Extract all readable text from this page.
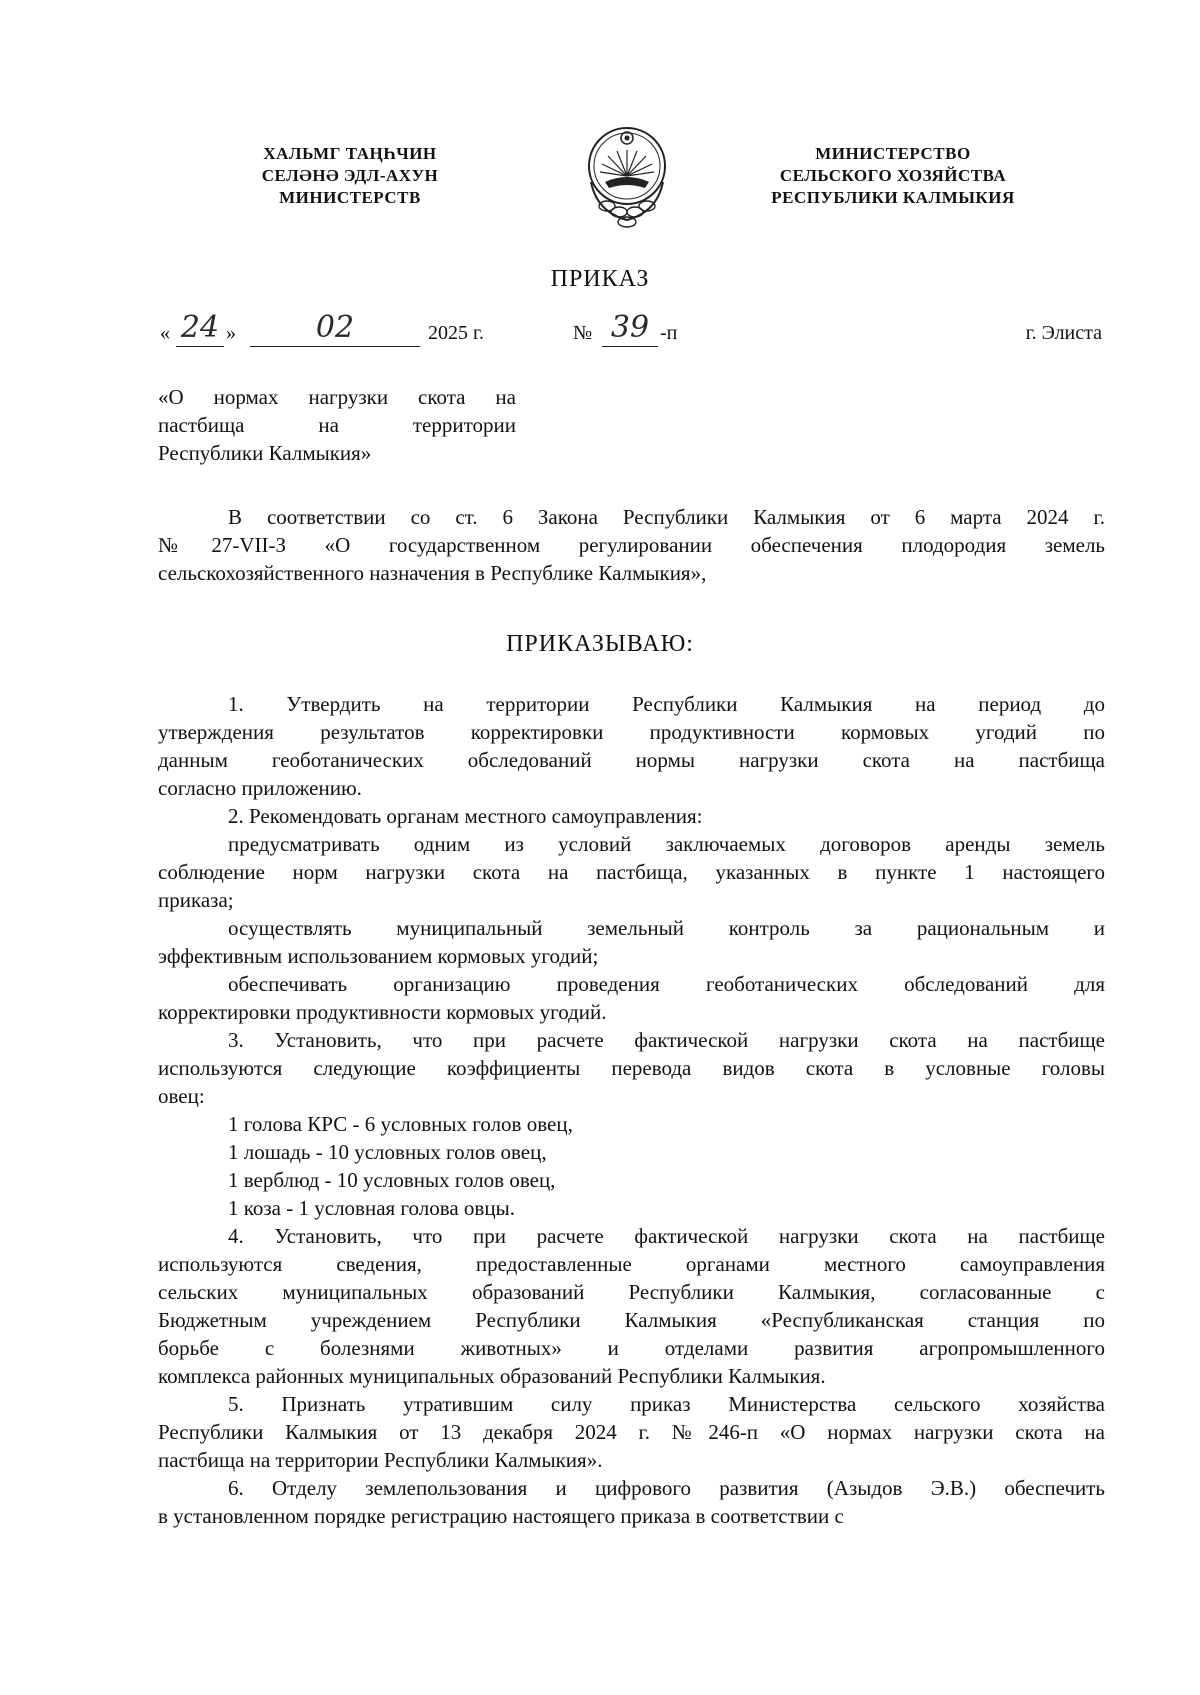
ХАЛЬМГ ТАҢҺЧИН
СЕЛӘНӘ ЭДЛ-АХУН
МИНИСТЕРСТВ
МИНИСТЕРСТВО
СЕЛЬСКОГО ХОЗЯЙСТВА
РЕСПУБЛИКИ КАЛМЫКИЯ
ПРИКАЗ
« 24 »	02	2025 г.	№ 39 -п	г. Элиста
«О нормах нагрузки скота на
пастбища на территории
Республики Калмыкия»
В соответствии со ст. 6 Закона Республики Калмыкия от 6 марта 2024 г.
№27-VII-З «О государственном регулировании обеспечения плодородия земель
сельскохозяйственного назначения в Республике Калмыкия»,
ПРИКАЗЫВАЮ:
1. Утвердить на территории Республики Калмыкия на период до
утверждения результатов корректировки продуктивности кормовых угодий по
данным геоботанических обследований нормы нагрузки скота на пастбища
согласно приложению.
2. Рекомендовать органам местного самоуправления:
предусматривать одним из условий заключаемых договоров аренды земель
соблюдение норм нагрузки скота на пастбища, указанных в пункте 1 настоящего
приказа;
осуществлять муниципальный земельный контроль за рациональным и
эффективным использованием кормовых угодий;
обеспечивать организацию проведения геоботанических обследований для
корректировки продуктивности кормовых угодий.
3. Установить, что при расчете фактической нагрузки скота на пастбище
используются следующие коэффициенты перевода видов скота в условные головы
овец:
1 голова КРС - 6 условных голов овец,
1 лошадь - 10 условных голов овец,
1 верблюд - 10 условных голов овец,
1 коза - 1 условная голова овцы.
4. Установить, что при расчете фактической нагрузки скота на пастбище
используются сведения, предоставленные органами местного самоуправления
сельских муниципальных образований Республики Калмыкия, согласованные с
Бюджетным учреждением Республики Калмыкия «Республиканская станция по
борьбе с болезнями животных» и отделами развития агропромышленного
комплекса районных муниципальных образований Республики Калмыкия.
5. Признать утратившим силу приказ Министерства сельского хозяйства
Республики Калмыкия от 13 декабря 2024 г. №246-п «О нормах нагрузки скота на
пастбища на территории Республики Калмыкия».
6. Отделу землепользования и цифрового развития (Азыдов Э.В.) обеспечить
в установленном порядке регистрацию настоящего приказа в соответствии с
